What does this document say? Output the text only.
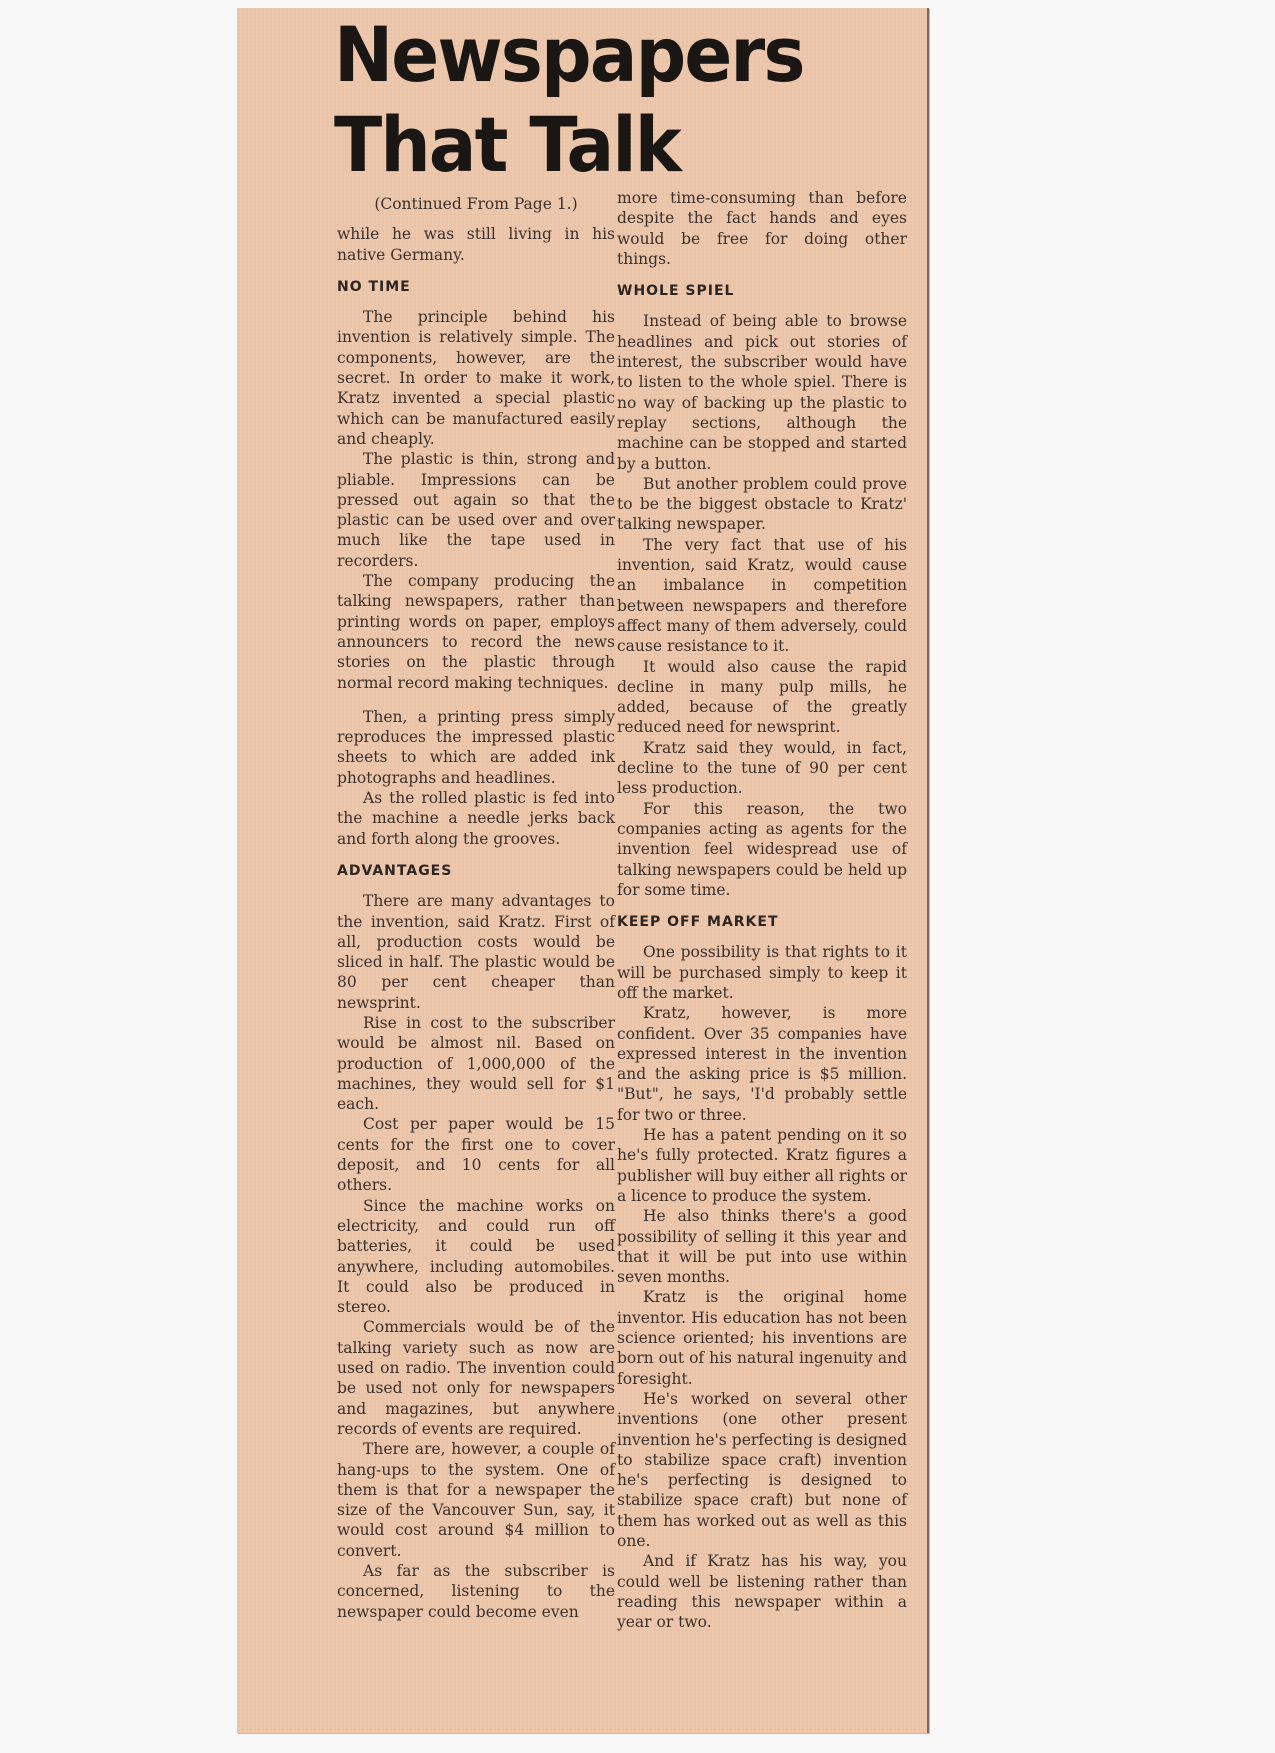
Newspapers
That Talk

(Continued From Page 1.)

while he was still living in his native Germany.

NO TIME

The principle behind his invention is relatively simple. The components, however, are the secret. In order to make it work, Kratz invented a special plastic which can be manufactured easily and cheaply.

The plastic is thin, strong and pliable. Impressions can be pressed out again so that the plastic can be used over and over much like the tape used in recorders.

The company producing the talking newspapers, rather than printing words on paper, employs announcers to record the news stories on the plastic through normal record making techniques.

Then, a printing press simply reproduces the impressed plastic sheets to which are added ink photographs and headlines.

As the rolled plastic is fed into the machine a needle jerks back and forth along the grooves.

ADVANTAGES

There are many advantages to the invention, said Kratz. First of all, production costs would be sliced in half. The plastic would be 80 per cent cheaper than newsprint.

Rise in cost to the subscriber would be almost nil. Based on production of 1,000,000 of the machines, they would sell for $1 each.

Cost per paper would be 15 cents for the first one to cover deposit, and 10 cents for all others.

Since the machine works on electricity, and could run off batteries, it could be used anywhere, including automobiles. It could also be produced in stereo.

Commercials would be of the talking variety such as now are used on radio. The invention could be used not only for newspapers and magazines, but anywhere records of events are required.

There are, however, a couple of hang-ups to the system. One of them is that for a newspaper the size of the Vancouver Sun, say, it would cost around $4 million to convert.

As far as the subscriber is concerned, listening to the newspaper could become even

more time-consuming than before despite the fact hands and eyes would be free for doing other things.

WHOLE SPIEL

Instead of being able to browse headlines and pick out stories of interest, the subscriber would have to listen to the whole spiel. There is no way of backing up the plastic to replay sections, although the machine can be stopped and started by a button.

But another problem could prove to be the biggest obstacle to Kratz' talking newspaper.

The very fact that use of his invention, said Kratz, would cause an imbalance in competition between newspapers and therefore affect many of them adversely, could cause resistance to it.

It would also cause the rapid decline in many pulp mills, he added, because of the greatly reduced need for newsprint.

Kratz said they would, in fact, decline to the tune of 90 per cent less production.

For this reason, the two companies acting as agents for the invention feel widespread use of talking newspapers could be held up for some time.

KEEP OFF MARKET

One possibility is that rights to it will be purchased simply to keep it off the market.

Kratz, however, is more confident. Over 35 companies have expressed interest in the invention and the asking price is $5 million. "But", he says, 'I'd probably settle for two or three.

He has a patent pending on it so he's fully protected. Kratz figures a publisher will buy either all rights or a licence to produce the system.

He also thinks there's a good possibility of selling it this year and that it will be put into use within seven months.

Kratz is the original home inventor. His education has not been science oriented; his inventions are born out of his natural ingenuity and foresight.

He's worked on several other inventions (one other present invention he's perfecting is designed to stabilize space craft) invention he's perfecting is designed to stabilize space craft) but none of them has worked out as well as this one.

And if Kratz has his way, you could well be listening rather than reading this newspaper within a year or two.
